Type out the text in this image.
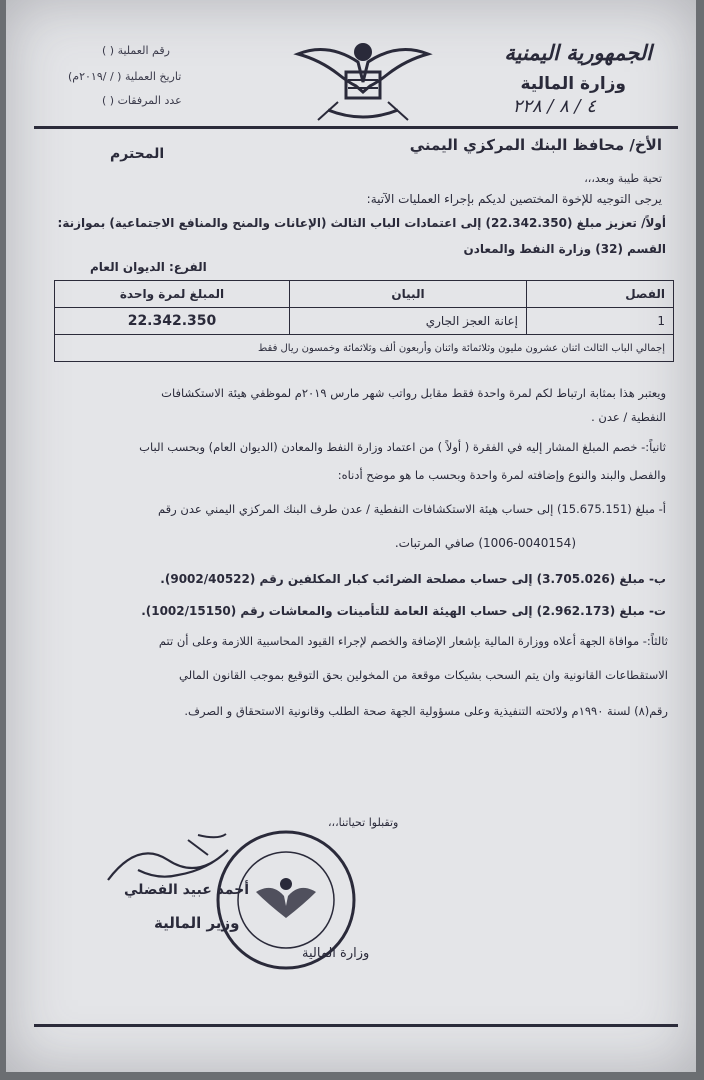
الجمهورية اليمنية
وزارة المالية
٤ / ٨ / ٢٢٨
رقم العملية ( )
تاريخ العملية ( / /٢٠١٩م)
عدد المرفقات ( )
الأخ/ محافظ البنك المركزي اليمني
المحترم
تحية طيبة وبعد،،،
يرجى التوجيه للإخوة المختصين لديكم بإجراء العمليات الآتية:
أولاً/ تعزيز مبلغ (22.342.350) إلى اعتمادات الباب الثالث (الإعانات والمنح والمنافع الاجتماعية) بموازنة:
القسم (32) وزارة النفط والمعادن
الفرع: الديوان العام
الفصل	البيان	المبلغ لمرة واحدة
1	إعانة العجز الجاري	22.342.350
إجمالي الباب الثالث اثنان عشرون مليون وثلاثمائة واثنان وأربعون ألف وثلاثمائة وخمسون ريال فقط		
ويعتبر هذا بمثابة ارتباط لكم لمرة واحدة فقط مقابل رواتب شهر مارس ٢٠١٩م لموظفي هيئة الاستكشافات
النفطية / عدن .
ثانياً:- خصم المبلغ المشار إليه في الفقرة ( أولاً ) من اعتماد وزارة النفط والمعادن (الديوان العام) وبحسب الباب
والفصل والبند والنوع وإضافته لمرة واحدة وبحسب ما هو موضح أدناه:
أ- مبلغ (15.675.151) إلى حساب هيئة الاستكشافات النفطية / عدن طرف البنك المركزي اليمني عدن رقم
(1006-0040154) صافي المرتبات.
ب- مبلغ (3.705.026) إلى حساب مصلحة الضرائب كبار المكلفين رقم (9002/40522).
ت- مبلغ (2.962.173) إلى حساب الهيئة العامة للتأمينات والمعاشات رقم (1002/15150).
ثالثاً:- موافاة الجهة أعلاه ووزارة المالية بإشعار الإضافة والخصم لإجراء القيود المحاسبية اللازمة وعلى أن تتم
الاستقطاعات القانونية وان يتم السحب بشيكات موقعة من المخولين بحق التوقيع بموجب القانون المالي
رقم(٨) لسنة ١٩٩٠م ولائحته التنفيذية وعلى مسؤولية الجهة صحة الطلب وقانونية الاستحقاق و الصرف.
وتقبلوا تحياتنا،،،
أحمد عبيد الفضلي
وزير المالية
وزارة المالية
